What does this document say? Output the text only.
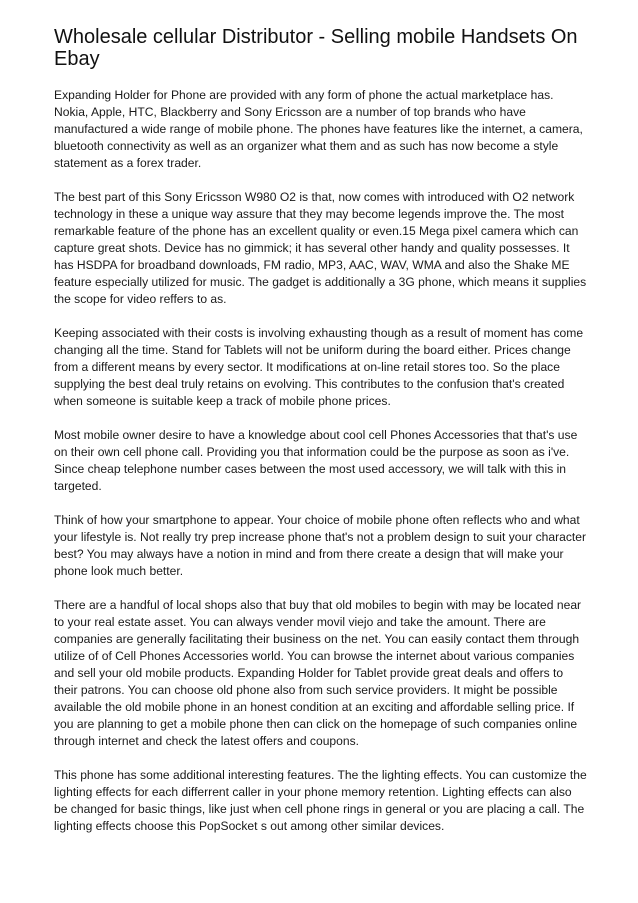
Wholesale cellular Distributor - Selling mobile Handsets On Ebay

Expanding Holder for Phone are provided with any form of phone the actual marketplace has. Nokia, Apple, HTC, Blackberry and Sony Ericsson are a number of top brands who have manufactured a wide range of mobile phone. The phones have features like the internet, a camera, bluetooth connectivity as well as an organizer what them and as such has now become a style statement as a forex trader.

The best part of this Sony Ericsson W980 O2 is that, now comes with introduced with O2 network technology in these a unique way assure that they may become legends improve the. The most remarkable feature of the phone has an excellent quality or even.15 Mega pixel camera which can capture great shots. Device has no gimmick; it has several other handy and quality possesses. It has HSDPA for broadband downloads, FM radio, MP3, AAC, WAV, WMA and also the Shake ME feature especially utilized for music. The gadget is additionally a 3G phone, which means it supplies the scope for video reffers to as.

Keeping associated with their costs is involving exhausting though as a result of moment has come changing all the time. Stand for Tablets will not be uniform during the board either. Prices change from a different means by every sector. It modifications at on-line retail stores too. So the place supplying the best deal truly retains on evolving. This contributes to the confusion that's created when someone is suitable keep a track of mobile phone prices.

Most mobile owner desire to have a knowledge about cool cell Phones Accessories that that's use on their own cell phone call. Providing you that information could be the purpose as soon as i've. Since cheap telephone number cases between the most used accessory, we will talk with this in targeted.

Think of how your smartphone to appear. Your choice of mobile phone often reflects who and what your lifestyle is. Not really try prep increase phone that's not a problem design to suit your character best? You may always have a notion in mind and from there create a design that will make your phone look much better.

There are a handful of local shops also that buy that old mobiles to begin with may be located near to your real estate asset. You can always vender movil viejo and take the amount. There are companies are generally facilitating their business on the net. You can easily contact them through utilize of of Cell Phones Accessories world. You can browse the internet about various companies and sell your old mobile products. Expanding Holder for Tablet provide great deals and offers to their patrons. You can choose old phone also from such service providers. It might be possible available the old mobile phone in an honest condition at an exciting and affordable selling price. If you are planning to get a mobile phone then can click on the homepage of such companies online through internet and check the latest offers and coupons.

This phone has some additional interesting features. The the lighting effects. You can customize the lighting effects for each differrent caller in your phone memory retention. Lighting effects can also be changed for basic things, like just when cell phone rings in general or you are placing a call. The lighting effects choose this PopSocket s out among other similar devices.
